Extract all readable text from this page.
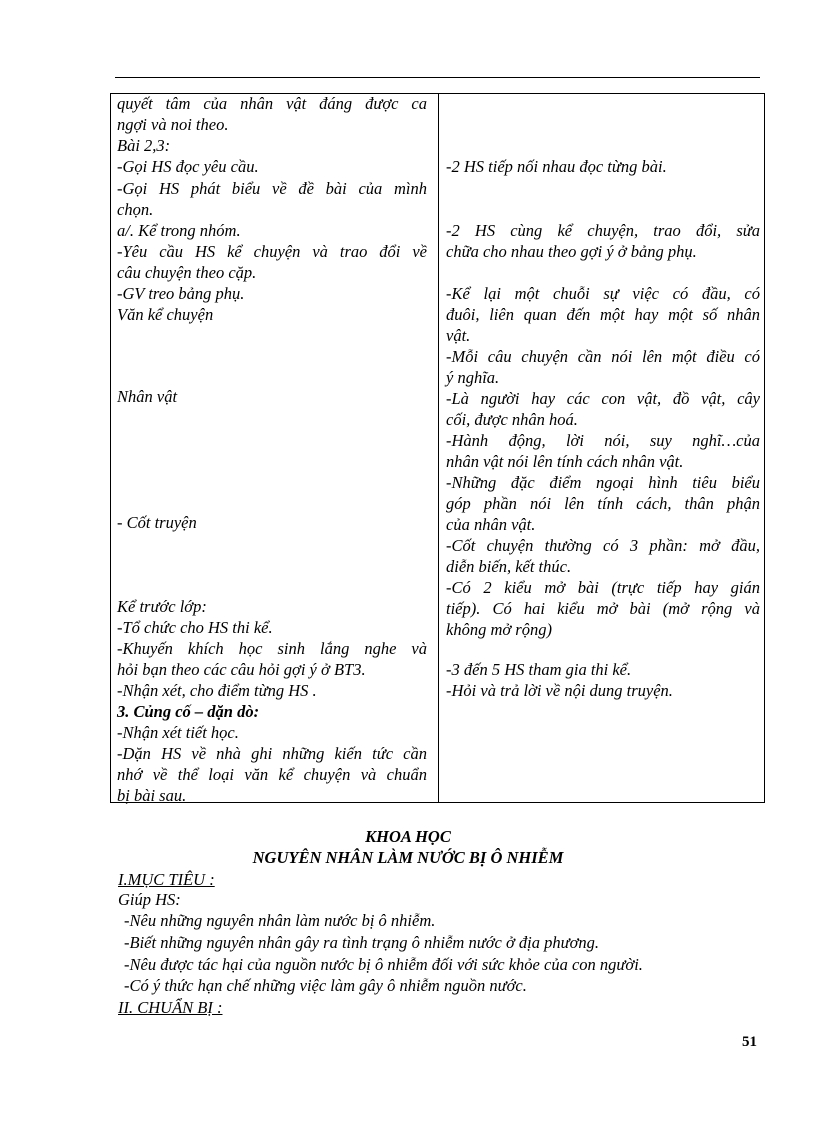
quyết tâm của nhân vật đáng được ca
ngợi và noi theo.
Bài 2,3:
-Gọi HS đọc yêu cầu.
-Gọi HS phát biểu về đề bài của mình
chọn.
a/. Kể trong nhóm.
-Yêu cầu HS kể chuyện và trao đổi về
câu chuyện theo cặp.
-GV treo bảng phụ.
Văn kể chuyện
Nhân vật
- Cốt truyện
Kể trước lớp:
-Tổ chức cho HS thi kể.
-Khuyến khích học sinh lắng nghe và
hỏi bạn theo các câu hỏi gợi ý ở BT3.
-Nhận xét, cho điểm từng HS .
3. Củng cố – dặn dò:
-Nhận xét tiết học.
-Dặn HS về nhà ghi những kiến tức cần
nhớ về thể loại văn kể chuyện và chuẩn
bị bài sau.
-2 HS tiếp nối nhau đọc từng bài.
-2 HS cùng kể chuyện, trao đổi, sửa
chữa cho nhau theo gợi ý ở bảng phụ.
-Kể lại một chuỗi sự việc có đầu, có
đuôi, liên quan đến một hay một số nhân
vật.
-Mỗi câu chuyện cần nói lên một điều có
ý nghĩa.
-Là người hay các con vật, đồ vật, cây
cối, được nhân hoá.
-Hành động, lời nói, suy nghĩ…của
nhân vật nói lên tính cách nhân vật.
-Những đặc điểm ngoại hình tiêu biểu
góp phần nói lên tính cách, thân phận
của nhân vật.
-Cốt chuyện thường có 3 phần: mở đầu,
diễn biến, kết thúc.
-Có 2 kiểu mở bài (trực tiếp hay gián
tiếp). Có hai kiểu mở bài (mở rộng và
không mở rộng)
-3 đến 5 HS tham gia thi kể.
-Hỏi và trả lời về nội dung truyện.
KHOA HỌC
NGUYÊN NHÂN LÀM NƯỚC BỊ Ô NHIỄM
I.MỤC TIÊU :
Giúp HS:
-Nêu những nguyên nhân làm nước bị ô nhiễm.
-Biết những nguyên nhân gây ra tình trạng ô nhiễm nước ở địa phương.
-Nêu được tác hại của nguồn nước bị ô nhiễm đối với sức khỏe của con người.
-Có ý thức hạn chế những việc làm gây ô nhiễm nguồn nước.
II. CHUẨN BỊ :
51
